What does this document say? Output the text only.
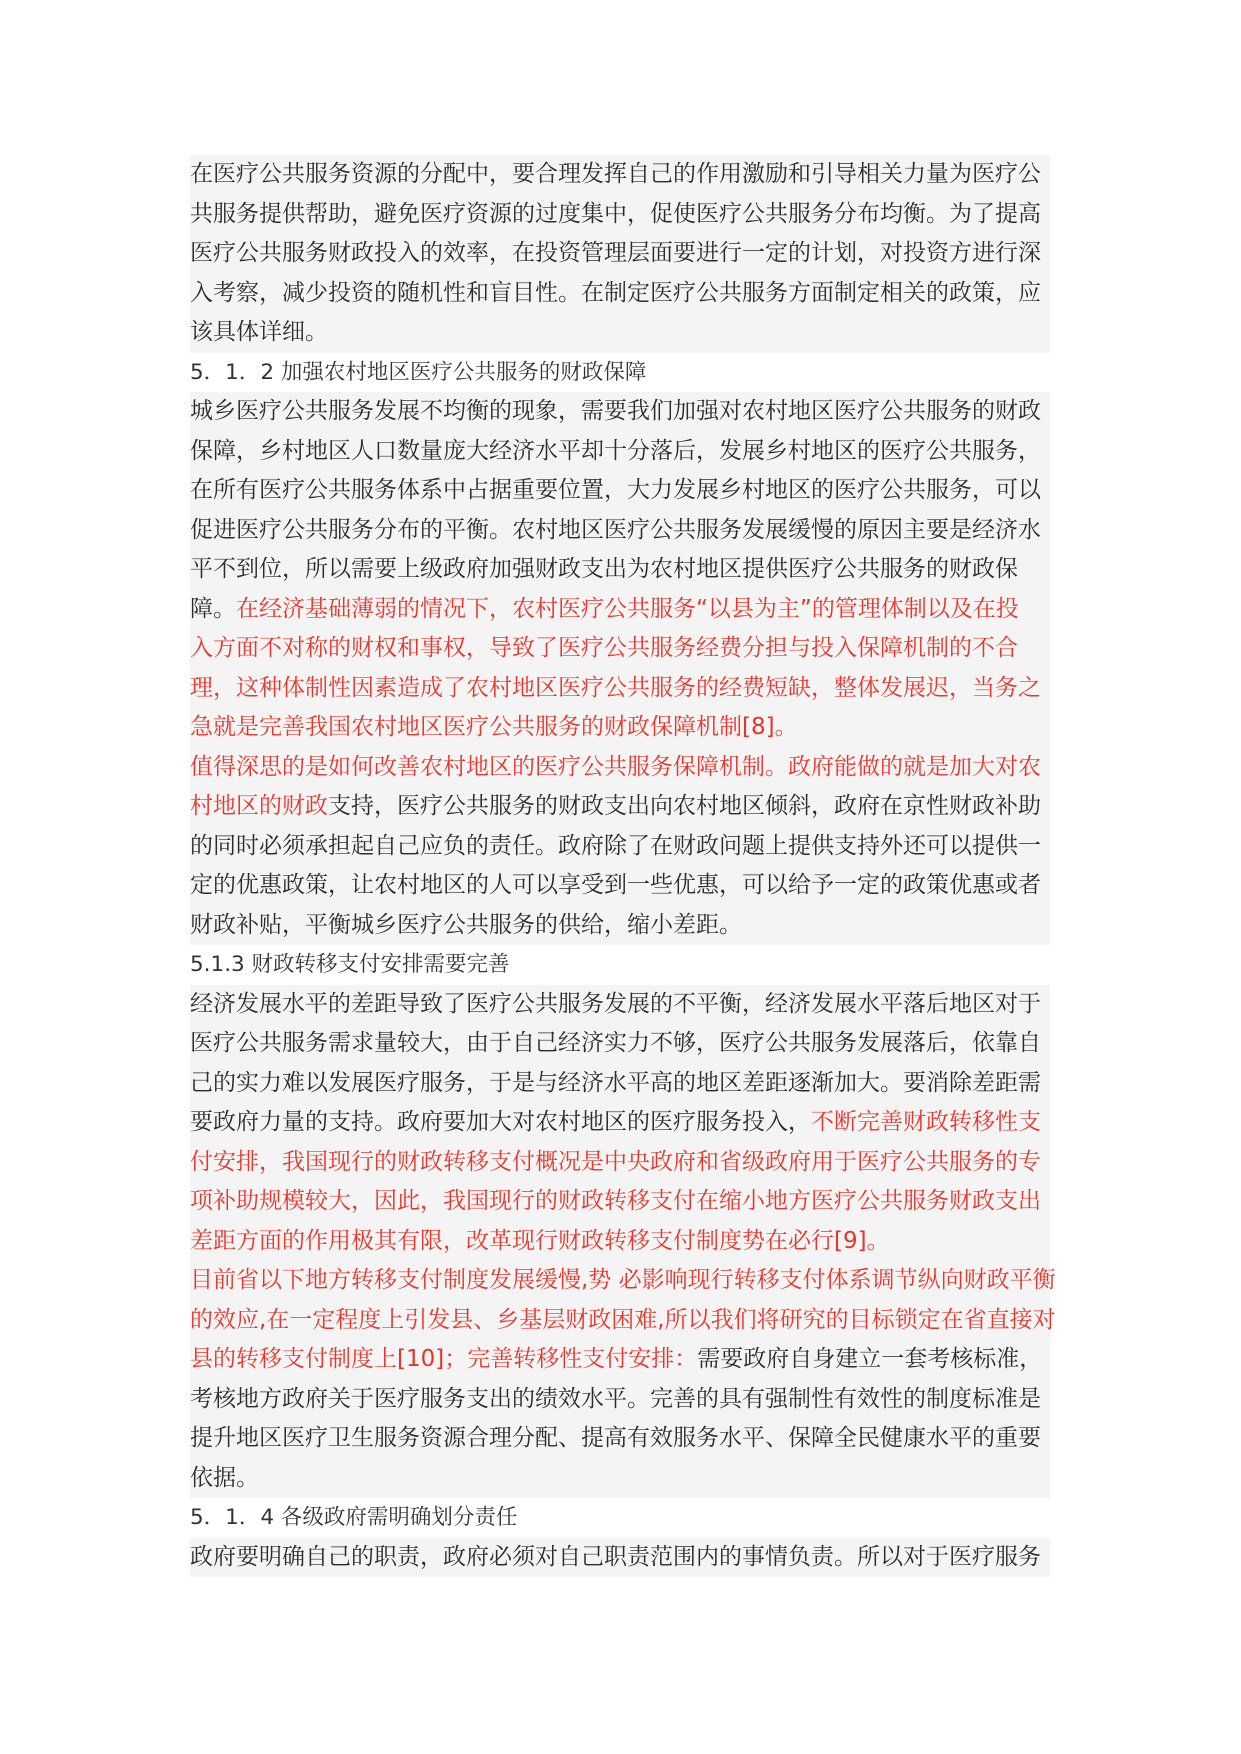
在医疗公共服务资源的分配中，要合理发挥自己的作用激励和引导相关力量为医疗公
共服务提供帮助，避免医疗资源的过度集中，促使医疗公共服务分布均衡。为了提高
医疗公共服务财政投入的效率，在投资管理层面要进行一定的计划，对投资方进行深
入考察，减少投资的随机性和盲目性。在制定医疗公共服务方面制定相关的政策，应
该具体详细。
5．1．2 加强农村地区医疗公共服务的财政保障
城乡医疗公共服务发展不均衡的现象，需要我们加强对农村地区医疗公共服务的财政
保障，乡村地区人口数量庞大经济水平却十分落后，发展乡村地区的医疗公共服务，
在所有医疗公共服务体系中占据重要位置，大力发展乡村地区的医疗公共服务，可以
促进医疗公共服务分布的平衡。农村地区医疗公共服务发展缓慢的原因主要是经济水
平不到位，所以需要上级政府加强财政支出为农村地区提供医疗公共服务的财政保
障。在经济基础薄弱的情况下，农村医疗公共服务“以县为主”的管理体制以及在投
入方面不对称的财权和事权，导致了医疗公共服务经费分担与投入保障机制的不合
理，这种体制性因素造成了农村地区医疗公共服务的经费短缺，整体发展迟，当务之
急就是完善我国农村地区医疗公共服务的财政保障机制[8]。
值得深思的是如何改善农村地区的医疗公共服务保障机制。政府能做的就是加大对农
村地区的财政支持，医疗公共服务的财政支出向农村地区倾斜，政府在京性财政补助
的同时必须承担起自己应负的责任。政府除了在财政问题上提供支持外还可以提供一
定的优惠政策，让农村地区的人可以享受到一些优惠，可以给予一定的政策优惠或者
财政补贴，平衡城乡医疗公共服务的供给，缩小差距。
5.1.3 财政转移支付安排需要完善
经济发展水平的差距导致了医疗公共服务发展的不平衡，经济发展水平落后地区对于
医疗公共服务需求量较大，由于自己经济实力不够，医疗公共服务发展落后，依靠自
己的实力难以发展医疗服务，于是与经济水平高的地区差距逐渐加大。要消除差距需
要政府力量的支持。政府要加大对农村地区的医疗服务投入，不断完善财政转移性支
付安排，我国现行的财政转移支付概况是中央政府和省级政府用于医疗公共服务的专
项补助规模较大，因此，我国现行的财政转移支付在缩小地方医疗公共服务财政支出
差距方面的作用极其有限，改革现行财政转移支付制度势在必行[9]。
目前省以下地方转移支付制度发展缓慢,势 必影响现行转移支付体系调节纵向财政平衡
的效应,在一定程度上引发县、乡基层财政困难,所以我们将研究的目标锁定在省直接对
县的转移支付制度上[10]；完善转移性支付安排：需要政府自身建立一套考核标准，
考核地方政府关于医疗服务支出的绩效水平。完善的具有强制性有效性的制度标准是
提升地区医疗卫生服务资源合理分配、提高有效服务水平、保障全民健康水平的重要
依据。
5．1．4 各级政府需明确划分责任
政府要明确自己的职责，政府必须对自己职责范围内的事情负责。所以对于医疗服务
